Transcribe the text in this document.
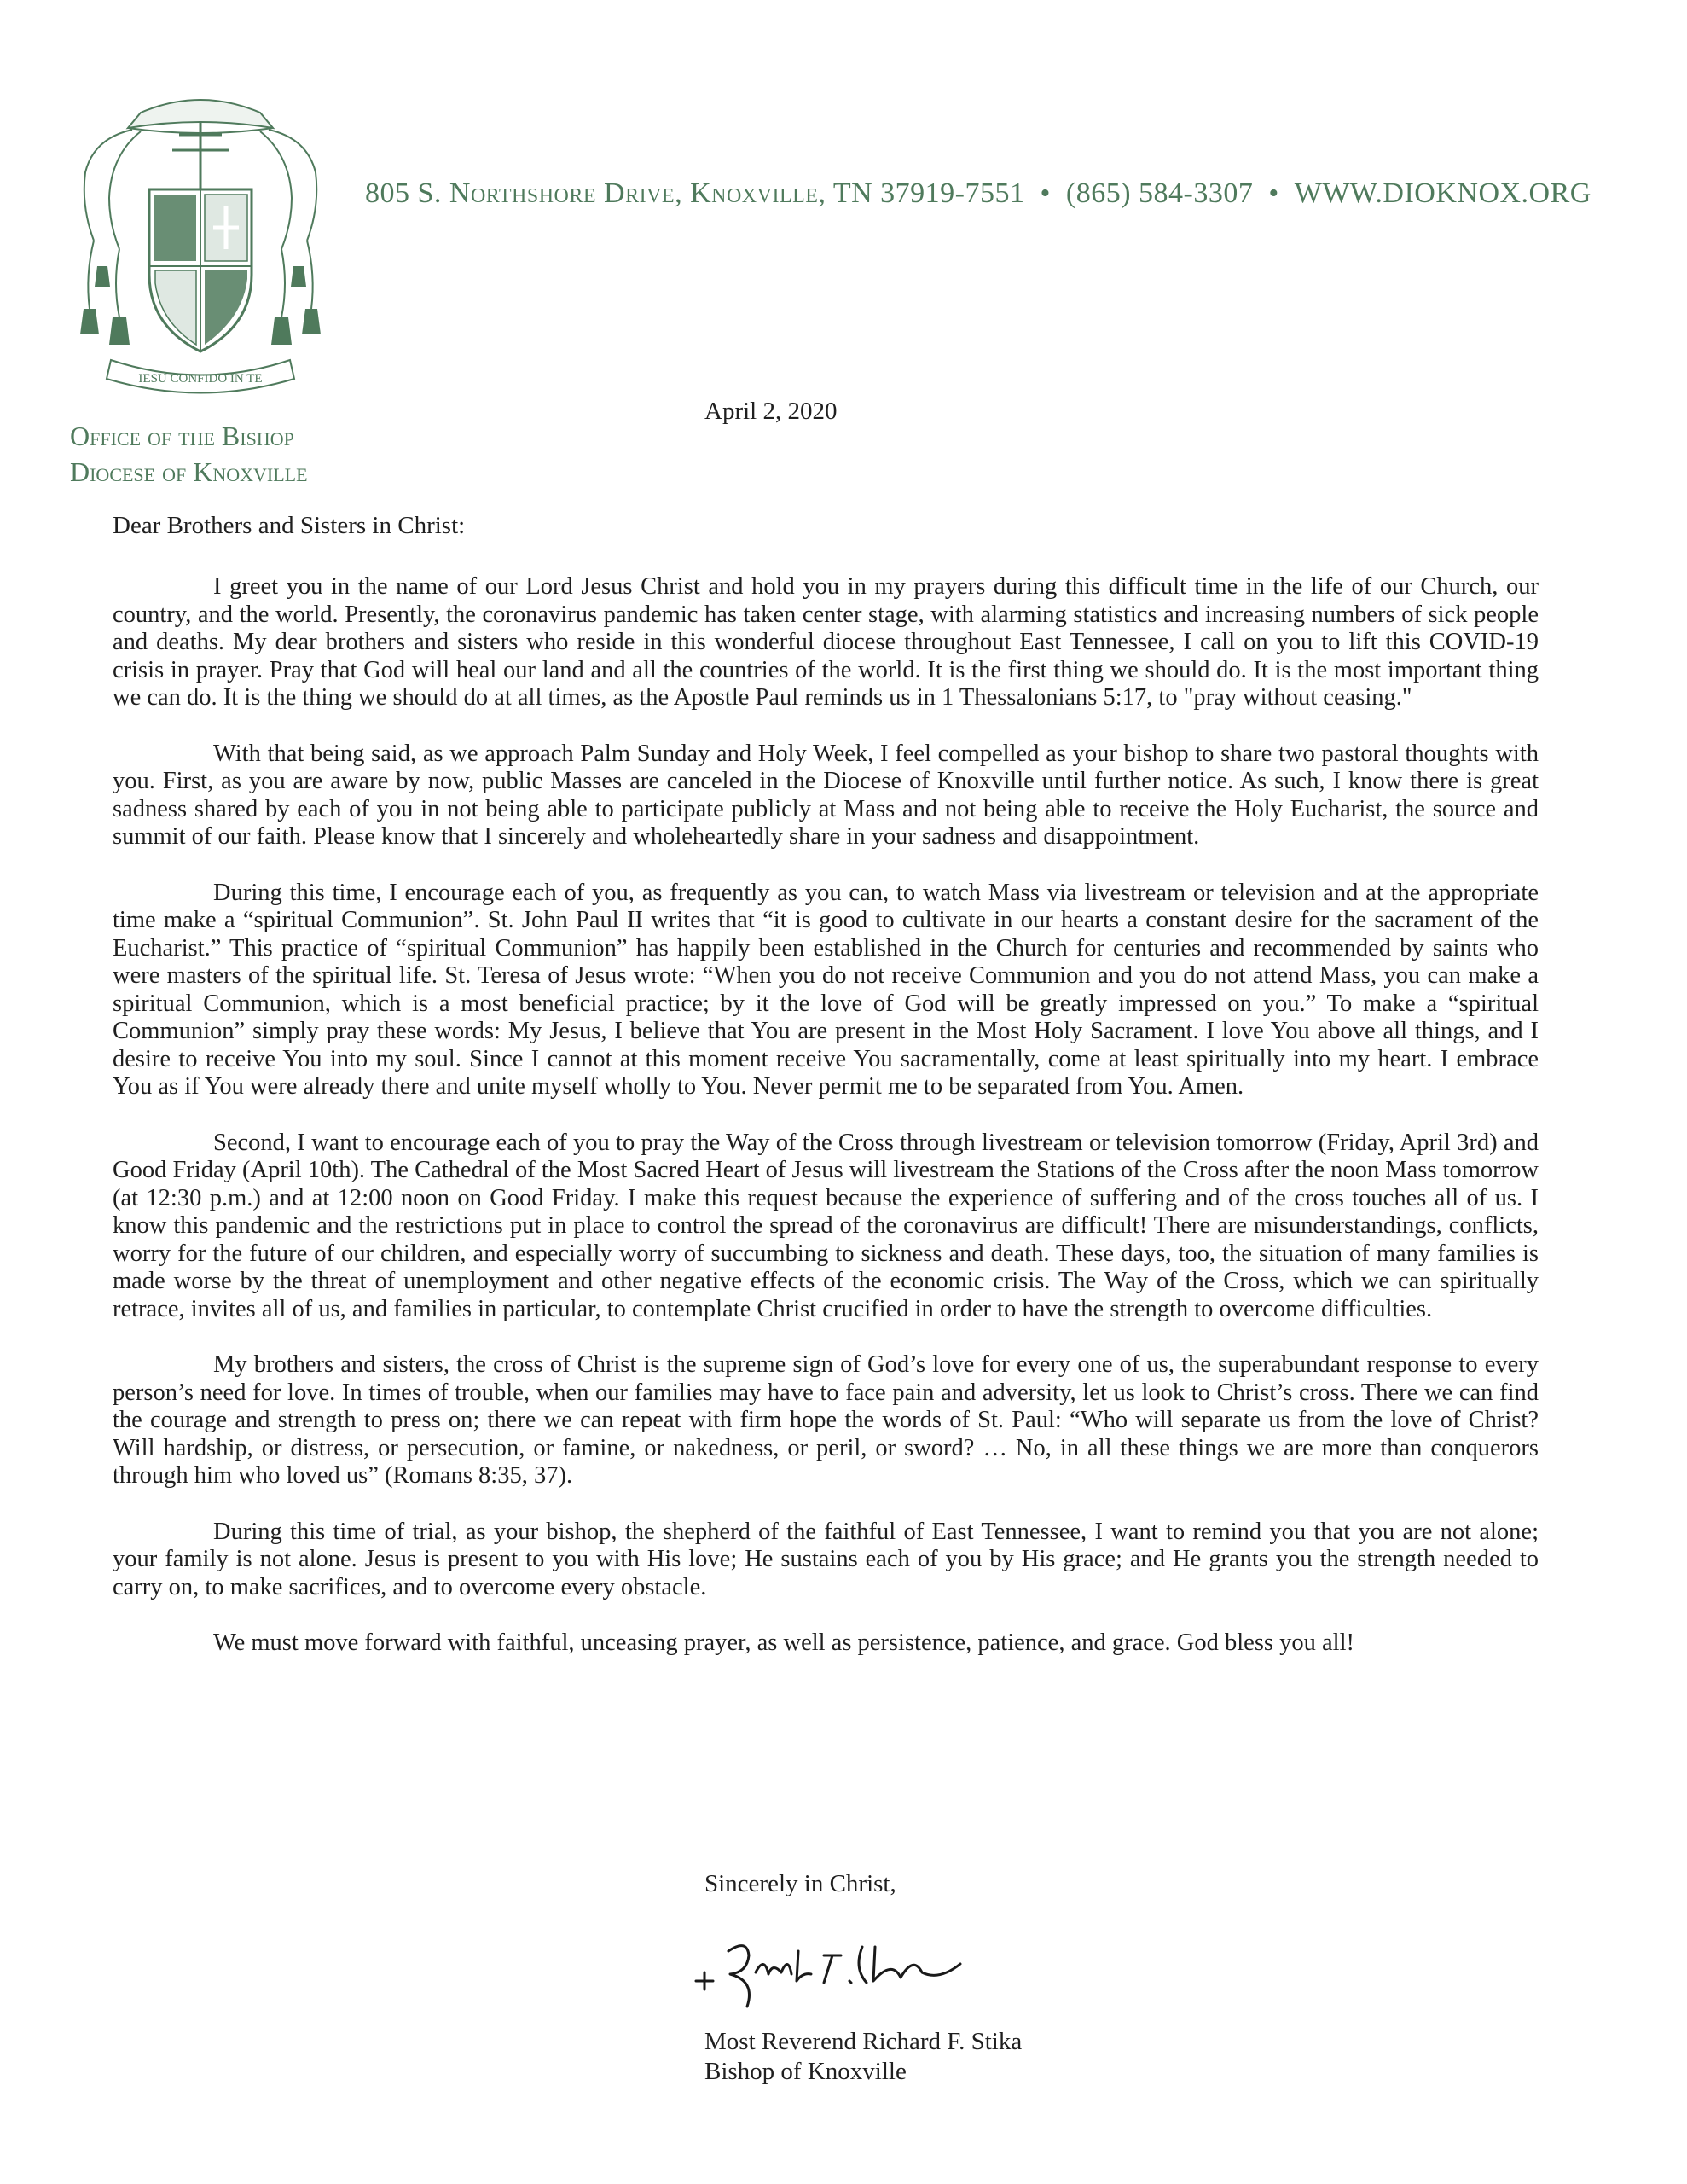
IESU CONFIDO IN TE
805 S. Northshore Drive, Knoxville, TN 37919-7551 • (865) 584-3307 • WWW.DIOKNOX.ORG
Office of the Bishop
Diocese of Knoxville
April 2, 2020
Dear Brothers and Sisters in Christ:

I greet you in the name of our Lord Jesus Christ and hold you in my prayers during this difficult time in the life of our Church, our country, and the world. Presently, the coronavirus pandemic has taken center stage, with alarming statistics and increasing numbers of sick people and deaths. My dear brothers and sisters who reside in this wonderful diocese throughout East Tennessee, I call on you to lift this COVID-19 crisis in prayer. Pray that God will heal our land and all the countries of the world. It is the first thing we should do. It is the most important thing we can do. It is the thing we should do at all times, as the Apostle Paul reminds us in 1 Thessalonians 5:17, to "pray without ceasing."

With that being said, as we approach Palm Sunday and Holy Week, I feel compelled as your bishop to share two pastoral thoughts with you. First, as you are aware by now, public Masses are canceled in the Diocese of Knoxville until further notice. As such, I know there is great sadness shared by each of you in not being able to participate publicly at Mass and not being able to receive the Holy Eucharist, the source and summit of our faith. Please know that I sincerely and wholeheartedly share in your sadness and disappointment.

During this time, I encourage each of you, as frequently as you can, to watch Mass via livestream or television and at the appropriate time make a “spiritual Communion”. St. John Paul II writes that “it is good to cultivate in our hearts a constant desire for the sacrament of the Eucharist.” This practice of “spiritual Communion” has happily been established in the Church for centuries and recommended by saints who were masters of the spiritual life. St. Teresa of Jesus wrote: “When you do not receive Communion and you do not attend Mass, you can make a spiritual Communion, which is a most beneficial practice; by it the love of God will be greatly impressed on you.” To make a “spiritual Communion” simply pray these words: My Jesus, I believe that You are present in the Most Holy Sacrament. I love You above all things, and I desire to receive You into my soul. Since I cannot at this moment receive You sacramentally, come at least spiritually into my heart. I embrace You as if You were already there and unite myself wholly to You. Never permit me to be separated from You. Amen.

Second, I want to encourage each of you to pray the Way of the Cross through livestream or television tomorrow (Friday, April 3rd) and Good Friday (April 10th). The Cathedral of the Most Sacred Heart of Jesus will livestream the Stations of the Cross after the noon Mass tomorrow (at 12:30 p.m.) and at 12:00 noon on Good Friday. I make this request because the experience of suffering and of the cross touches all of us. I know this pandemic and the restrictions put in place to control the spread of the coronavirus are difficult! There are misunderstandings, conflicts, worry for the future of our children, and especially worry of succumbing to sickness and death. These days, too, the situation of many families is made worse by the threat of unemployment and other negative effects of the economic crisis. The Way of the Cross, which we can spiritually retrace, invites all of us, and families in particular, to contemplate Christ crucified in order to have the strength to overcome difficulties.

My brothers and sisters, the cross of Christ is the supreme sign of God’s love for every one of us, the superabundant response to every person’s need for love. In times of trouble, when our families may have to face pain and adversity, let us look to Christ’s cross. There we can find the courage and strength to press on; there we can repeat with firm hope the words of St. Paul: “Who will separate us from the love of Christ? Will hardship, or distress, or persecution, or famine, or nakedness, or peril, or sword? … No, in all these things we are more than conquerors through him who loved us” (Romans 8:35, 37).

During this time of trial, as your bishop, the shepherd of the faithful of East Tennessee, I want to remind you that you are not alone; your family is not alone. Jesus is present to you with His love; He sustains each of you by His grace; and He grants you the strength needed to carry on, to make sacrifices, and to overcome every obstacle.

We must move forward with faithful, unceasing prayer, as well as persistence, patience, and grace. God bless you all!

Sincerely in Christ,
Most Reverend Richard F. Stika
Bishop of Knoxville
